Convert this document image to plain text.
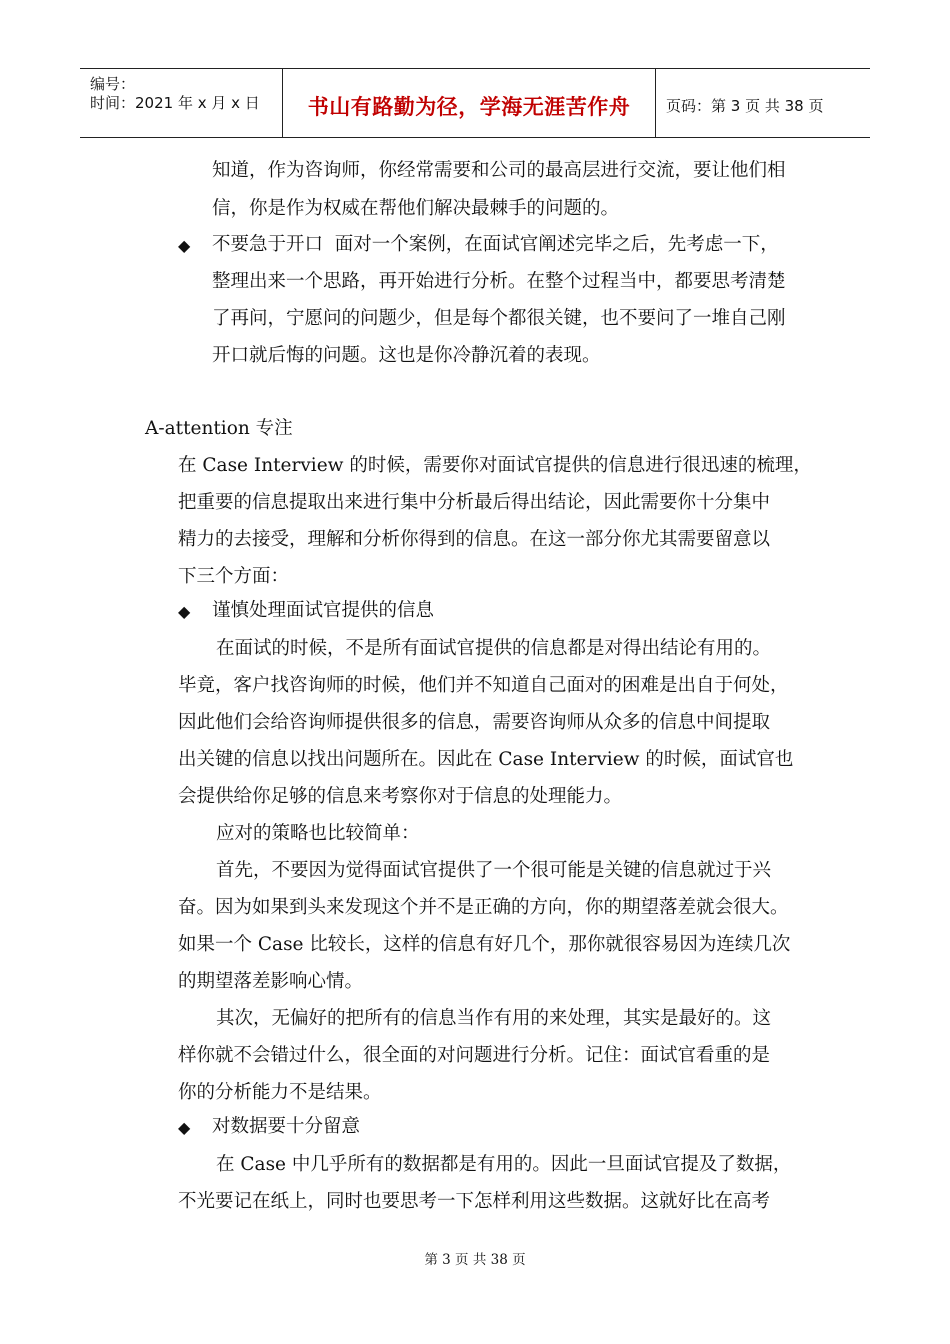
编号：
时间：2021 年 x 月 x 日	书山有路勤为径，学海无涯苦作舟	页码：第 3 页 共 38 页
知道，作为咨询师，你经常需要和公司的最高层进行交流，要让他们相
信，你是作为权威在帮他们解决最棘手的问题的。
◆ 不要急于开口  面对一个案例，在面试官阐述完毕之后，先考虑一下，
整理出来一个思路，再开始进行分析。在整个过程当中，都要思考清楚
了再问，宁愿问的问题少，但是每个都很关键，也不要问了一堆自己刚
开口就后悔的问题。这也是你冷静沉着的表现。
A-attention 专注
在 Case Interview 的时候，需要你对面试官提供的信息进行很迅速的梳理，
把重要的信息提取出来进行集中分析最后得出结论，因此需要你十分集中
精力的去接受，理解和分析你得到的信息。在这一部分你尤其需要留意以
下三个方面：
◆ 谨慎处理面试官提供的信息
在面试的时候，不是所有面试官提供的信息都是对得出结论有用的。
毕竟，客户找咨询师的时候，他们并不知道自己面对的困难是出自于何处，
因此他们会给咨询师提供很多的信息，需要咨询师从众多的信息中间提取
出关键的信息以找出问题所在。因此在 Case Interview 的时候，面试官也
会提供给你足够的信息来考察你对于信息的处理能力。
应对的策略也比较简单：
首先，不要因为觉得面试官提供了一个很可能是关键的信息就过于兴
奋。因为如果到头来发现这个并不是正确的方向，你的期望落差就会很大。
如果一个 Case 比较长，这样的信息有好几个，那你就很容易因为连续几次
的期望落差影响心情。
其次，无偏好的把所有的信息当作有用的来处理，其实是最好的。这
样你就不会错过什么，很全面的对问题进行分析。记住：面试官看重的是
你的分析能力不是结果。
◆ 对数据要十分留意
在 Case 中几乎所有的数据都是有用的。因此一旦面试官提及了数据，
不光要记在纸上，同时也要思考一下怎样利用这些数据。这就好比在高考
第 3 页 共 38 页
